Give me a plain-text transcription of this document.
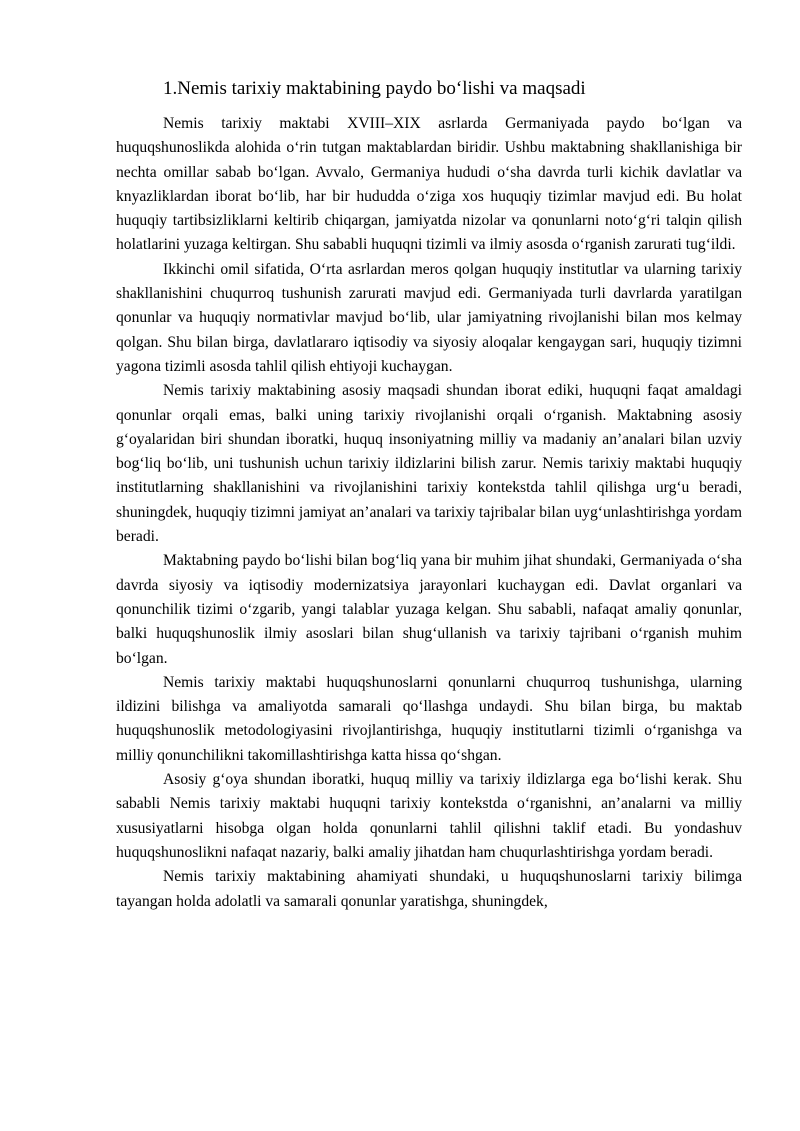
1.Nemis tarixiy maktabining paydo bo‘lishi va maqsadi

Nemis tarixiy maktabi XVIII–XIX asrlarda Germaniyada paydo bo‘lgan va huquqshunoslikda alohida o‘rin tutgan maktablardan biridir. Ushbu maktabning shakllanishiga bir nechta omillar sabab bo‘lgan. Avvalo, Germaniya hududi o‘sha davrda turli kichik davlatlar va knyazliklardan iborat bo‘lib, har bir hududda o‘ziga xos huquqiy tizimlar mavjud edi. Bu holat huquqiy tartibsizliklarni keltirib chiqargan, jamiyatda nizolar va qonunlarni noto‘g‘ri talqin qilish holatlarini yuzaga keltirgan. Shu sababli huquqni tizimli va ilmiy asosda o‘rganish zarurati tug‘ildi.

Ikkinchi omil sifatida, O‘rta asrlardan meros qolgan huquqiy institutlar va ularning tarixiy shakllanishini chuqurroq tushunish zarurati mavjud edi. Germaniyada turli davrlarda yaratilgan qonunlar va huquqiy normativlar mavjud bo‘lib, ular jamiyatning rivojlanishi bilan mos kelmay qolgan. Shu bilan birga, davlatlararo iqtisodiy va siyosiy aloqalar kengaygan sari, huquqiy tizimni yagona tizimli asosda tahlil qilish ehtiyoji kuchaygan.

Nemis tarixiy maktabining asosiy maqsadi shundan iborat ediki, huquqni faqat amaldagi qonunlar orqali emas, balki uning tarixiy rivojlanishi orqali o‘rganish. Maktabning asosiy g‘oyalaridan biri shundan iboratki, huquq insoniyatning milliy va madaniy an’analari bilan uzviy bog‘liq bo‘lib, uni tushunish uchun tarixiy ildizlarini bilish zarur. Nemis tarixiy maktabi huquqiy institutlarning shakllanishini va rivojlanishini tarixiy kontekstda tahlil qilishga urg‘u beradi, shuningdek, huquqiy tizimni jamiyat an’analari va tarixiy tajribalar bilan uyg‘unlashtirishga yordam beradi.

Maktabning paydo bo‘lishi bilan bog‘liq yana bir muhim jihat shundaki, Germaniyada o‘sha davrda siyosiy va iqtisodiy modernizatsiya jarayonlari kuchaygan edi. Davlat organlari va qonunchilik tizimi o‘zgarib, yangi talablar yuzaga kelgan. Shu sababli, nafaqat amaliy qonunlar, balki huquqshunoslik ilmiy asoslari bilan shug‘ullanish va tarixiy tajribani o‘rganish muhim bo‘lgan.

Nemis tarixiy maktabi huquqshunoslarni qonunlarni chuqurroq tushunishga, ularning ildizini bilishga va amaliyotda samarali qo‘llashga undaydi. Shu bilan birga, bu maktab huquqshunoslik metodologiyasini rivojlantirishga, huquqiy institutlarni tizimli o‘rganishga va milliy qonunchilikni takomillashtirishga katta hissa qo‘shgan.

Asosiy g‘oya shundan iboratki, huquq milliy va tarixiy ildizlarga ega bo‘lishi kerak. Shu sababli Nemis tarixiy maktabi huquqni tarixiy kontekstda o‘rganishni, an’analarni va milliy xususiyatlarni hisobga olgan holda qonunlarni tahlil qilishni taklif etadi. Bu yondashuv huquqshunoslikni nafaqat nazariy, balki amaliy jihatdan ham chuqurlashtirishga yordam beradi.

Nemis tarixiy maktabining ahamiyati shundaki, u huquqshunoslarni tarixiy bilimga tayangan holda adolatli va samarali qonunlar yaratishga, shuningdek,
